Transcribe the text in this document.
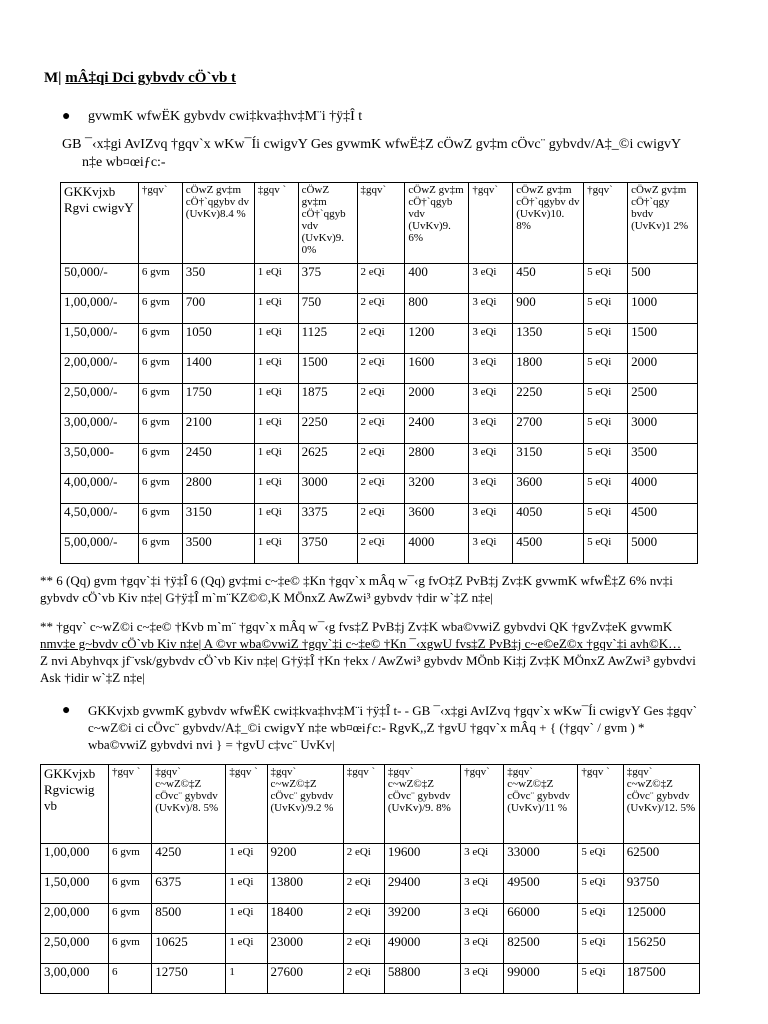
M| mÂ‡qi Dci gybvdv cÖ`vb t
● gvwmK wfwËK gybvdv cwi‡kva‡hv‡M¨i †ÿ‡Î t
GB ¯‹x‡gi AvIZvq †gqv`x wKw¯Íi cwigvY Ges gvwmK wfwË‡Z cÖwZ gv‡m cÖvc¨ gybvdv/A‡_©i cwigvY
n‡e wb¤œiƒc:-
GKKvjxb Rgvi cwigvY	†gqv`	cÖwZ gv‡m cÖ†`qgybv dv (UvKv)8.4 %	‡gqv `	cÖwZ gv‡m cÖ†`qgyb vdv (UvKv)9. 0%	‡gqv`	cÖwZ gv‡m cÖ†`qgyb vdv (UvKv)9. 6%	†gqv`	cÖwZ gv‡m cÖ†`qgybv dv (UvKv)10. 8%	†gqv`	cÖwZ gv‡m cÖ†`qgy bvdv (UvKv)1 2%
50,000/-	6 gvm	350	1 eQi	375	2 eQi	400	3 eQi	450	5 eQi	500
1,00,000/-	6 gvm	700	1 eQi	750	2 eQi	800	3 eQi	900	5 eQi	1000
1,50,000/-	6 gvm	1050	1 eQi	1125	2 eQi	1200	3 eQi	1350	5 eQi	1500
2,00,000/-	6 gvm	1400	1 eQi	1500	2 eQi	1600	3 eQi	1800	5 eQi	2000
2,50,000/-	6 gvm	1750	1 eQi	1875	2 eQi	2000	3 eQi	2250	5 eQi	2500
3,00,000/-	6 gvm	2100	1 eQi	2250	2 eQi	2400	3 eQi	2700	5 eQi	3000
3,50,000-	6 gvm	2450	1 eQi	2625	2 eQi	2800	3 eQi	3150	5 eQi	3500
4,00,000/-	6 gvm	2800	1 eQi	3000	2 eQi	3200	3 eQi	3600	5 eQi	4000
4,50,000/-	6 gvm	3150	1 eQi	3375	2 eQi	3600	3 eQi	4050	5 eQi	4500
5,00,000/-	6 gvm	3500	1 eQi	3750	2 eQi	4000	3 eQi	4500	5 eQi	5000
** 6 (Qq) gvm †gqv`‡i †ÿ‡Î 6 (Qq) gv‡mi c~‡e© ‡Kn †gqv`x mÂq w¯‹g fvO‡Z PvB‡j Zv‡K gvwmK wfwË‡Z 6% nv‡i
gybvdv cÖ`vb Kiv n‡e| G†ÿ‡Î m`m¨KZ©©,K MÖnxZ AwZwi³ gybvdv †dir w`‡Z n‡e|
** †gqv` c~wZ©i c~‡e© †Kvb m`m¨ †gqv`x mÂq w¯‹g fvs‡Z PvB‡j Zv‡K wba©vwiZ gybvdvi QK †gvZv‡eK gvwmK
nmv‡e g~bvdv cÖ`vb Kiv n‡e| A ©vr wba©vwiZ †gqv`‡i c~‡e© †Kn ¯‹xgwU fvs‡Z PvB‡j c~e©eZ©x †gqv`‡i avh©K…
Z nvi Abyhvqx jf¨vsk/gybvdv cÖ`vb Kiv n‡e| G†ÿ‡Î †Kn †ekx / AwZwi³ gybvdv MÖnb Ki‡j Zv‡K MÖnxZ AwZwi³ gybvdvi
Ask †idir w`‡Z n‡e|
● GKKvjxb gvwmK gybvdv wfwËK cwi‡kva‡hv‡M¨i †ÿ‡Î t- - GB ¯‹x‡gi AvIZvq †gqv`x wKw¯Íi cwigvY Ges ‡gqv`
c~wZ©i ci cÖvc¨ gybvdv/A‡_©i cwigvY n‡e wb¤œiƒc:- RgvK,,Z †gvU †gqv`x mÂq + { (†gqv` / gvm ) *
wba©vwiZ gybvdvi nvi } = †gvU c‡vc¨ UvKv|
GKKvjxb Rgvicwig vb	†gqv `	‡gqv` c~wZ©‡Z cÖvc¨ gybvdv (UvKv)/8. 5%	‡gqv `	‡gqv` c~wZ©‡Z cÖvc¨ gybvdv (UvKv)/9.2 %	‡gqv `	‡gqv` c~wZ©‡Z cÖvc¨ gybvdv (UvKv)/9. 8%	†gqv`	‡gqv` c~wZ©‡Z cÖvc¨ gybvdv (UvKv)/11 %	†gqv `	‡gqv` c~wZ©‡Z cÖvc¨ gybvdv (UvKv)/12. 5%
1,00,000	6 gvm	4250	1 eQi	9200	2 eQi	19600	3 eQi	33000	5 eQi	62500
1,50,000	6 gvm	6375	1 eQi	13800	2 eQi	29400	3 eQi	49500	5 eQi	93750
2,00,000	6 gvm	8500	1 eQi	18400	2 eQi	39200	3 eQi	66000	5 eQi	125000
2,50,000	6 gvm	10625	1 eQi	23000	2 eQi	49000	3 eQi	82500	5 eQi	156250
3,00,000	6	12750	1	27600	2 eQi	58800	3 eQi	99000	5 eQi	187500
